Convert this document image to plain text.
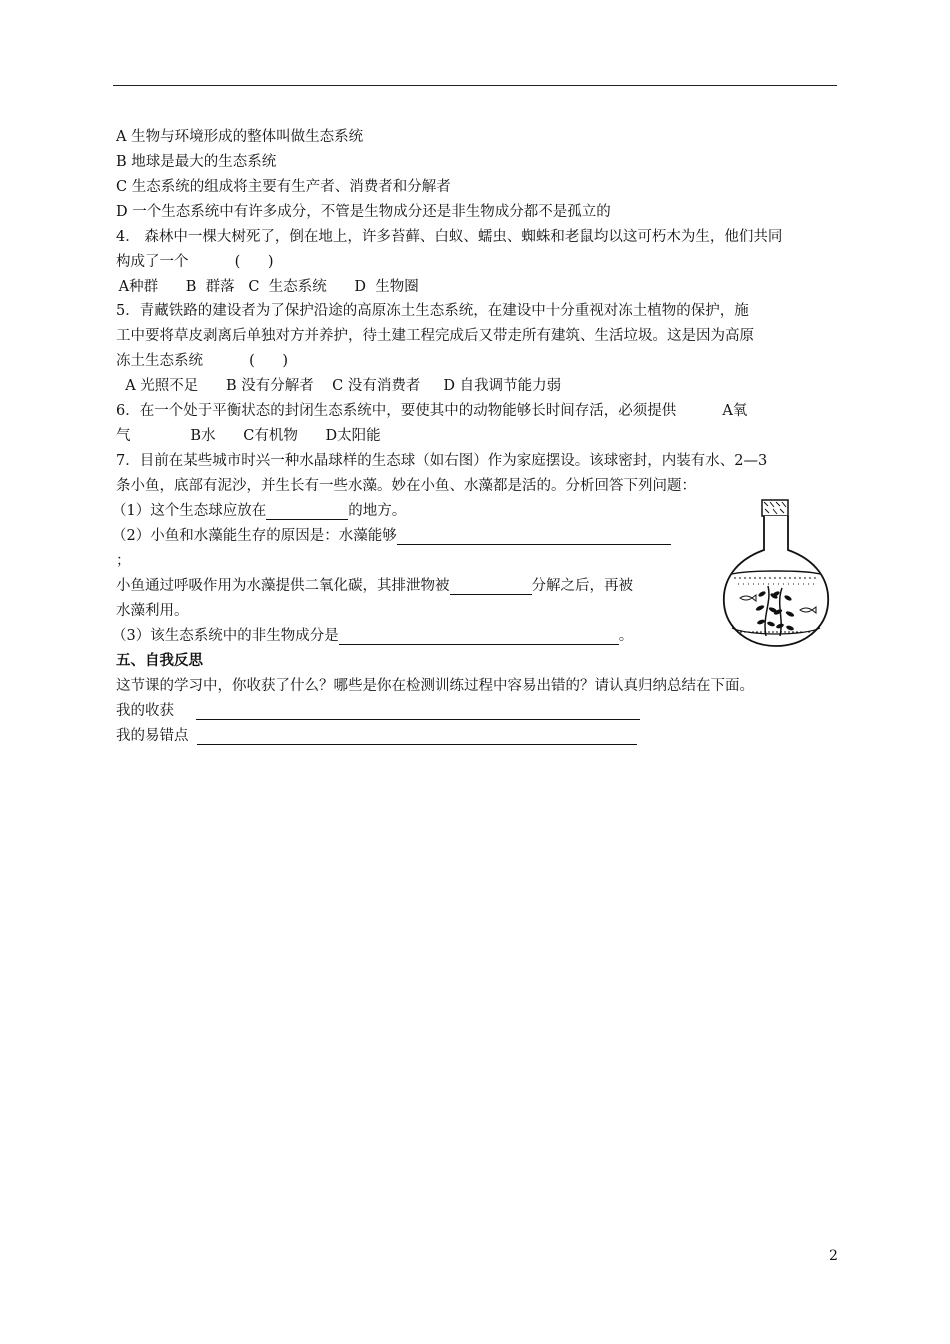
A 生物与环境形成的整体叫做生态系统
B 地球是最大的生态系统
C 生态系统的组成将主要有生产者、消费者和分解者
D 一个生态系统中有许多成分，不管是生物成分还是非生物成分都不是孤立的
4． 森林中一棵大树死了，倒在地上，许多苔藓、白蚁、蠕虫、蜘蛛和老鼠均以这可朽木为生，他们共同
构成了一个          (      )
A种群      B  群落   C  生态系统      D  生物圈
5．青藏铁路的建设者为了保护沿途的高原冻土生态系统，在建设中十分重视对冻土植物的保护，施
工中要将草皮剥离后单独对方并养护，待土建工程完成后又带走所有建筑、生活垃圾。这是因为高原
冻土生态系统          (      )
A 光照不足      B 没有分解者    C 没有消费者     D 自我调节能力弱
6．在一个处于平衡状态的封闭生态系统中，要使其中的动物能够长时间存活，必须提供          A氧
气             B水      C有机物      D太阳能
7．目前在某些城市时兴一种水晶球样的生态球（如右图）作为家庭摆设。该球密封，内装有水、2—3
条小鱼，底部有泥沙，并生长有一些水藻。妙在小鱼、水藻都是活的。分析回答下列问题：
（1）这个生态球应放在	的地方。
（2）小鱼和水藻能生存的原因是：水藻能够
；
小鱼通过呼吸作用为水藻提供二氧化碳，其排泄物被	分解之后，再被
水藻利用。
（3）该生态系统中的非生物成分是	。
五、自我反思
这节课的学习中，你收获了什么？哪些是你在检测训练过程中容易出错的？请认真归纳总结在下面。
我的收获
我的易错点
2
